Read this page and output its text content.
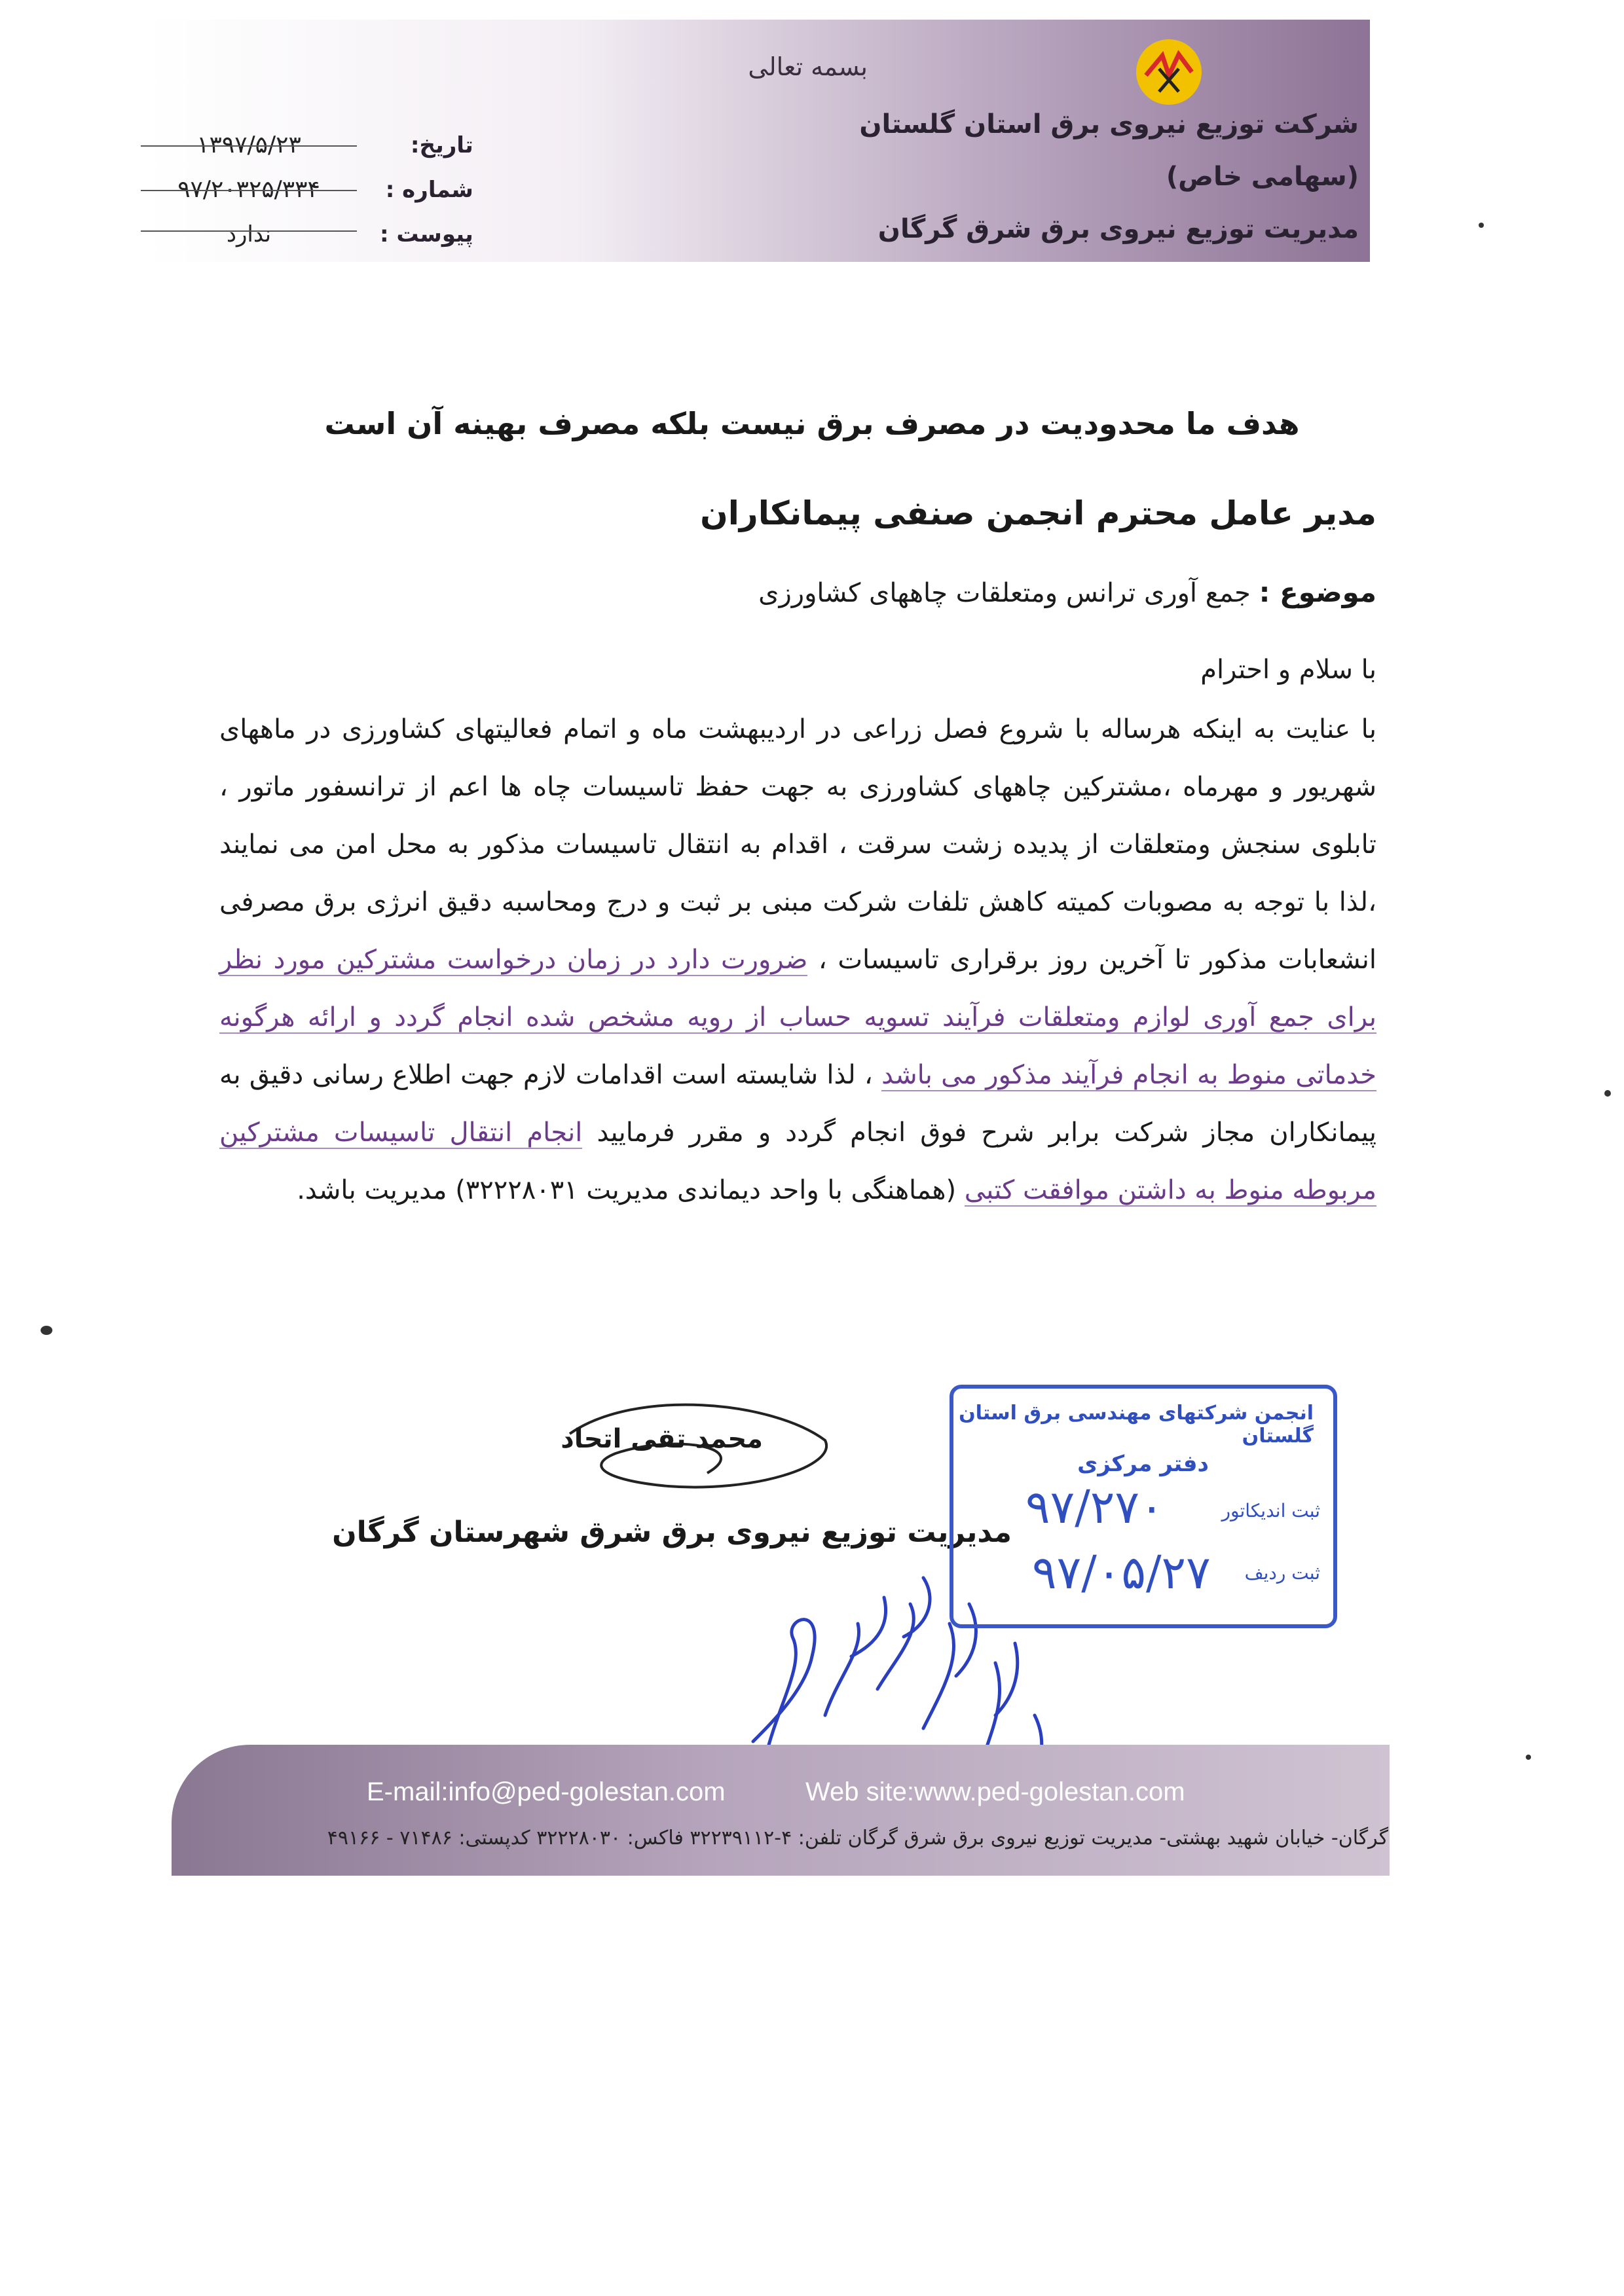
بسمه تعالی
شرکت توزیع نیروی برق استان گلستان
(سهامی خاص)
مدیریت توزیع نیروی برق شرق گرگان
تاریخ:
شماره :
پیوست :
۱۳۹۷/۵/۲۳
۹۷/۲۰۳۲۵/۳۳۴
ندارد
هدف ما محدودیت در مصرف برق نیست بلکه مصرف بهینه آن است
مدیر عامل محترم انجمن صنفی پیمانکاران
موضوع : جمع آوری ترانس ومتعلقات چاههای کشاورزی
با سلام و احترام
با عنایت به اینکه هرساله با شروع فصل زراعی در اردیبهشت ماه و اتمام فعالیتهای کشاورزی در ماههای شهریور و مهرماه ،مشترکین چاههای کشاورزی به جهت حفظ تاسیسات چاه ها اعم از ترانسفور ماتور ، تابلوی سنجش ومتعلقات از پدیده زشت سرقت ، اقدام به انتقال تاسیسات مذکور به محل امن می نمایند ،لذا با توجه به مصوبات کمیته کاهش تلفات شرکت مبنی بر ثبت و درج ومحاسبه دقیق انرژی برق مصرفی انشعابات مذکور تا آخرین روز برقراری تاسیسات ، ضرورت دارد در زمان درخواست مشترکین مورد نظر برای جمع آوری لوازم ومتعلقات فرآیند تسویه حساب از رویه مشخص شده انجام گردد و ارائه هرگونه خدماتی منوط به انجام فرآیند مذکور می باشد ، لذا شایسته است اقدامات لازم جهت اطلاع رسانی دقیق به پیمانکاران مجاز شرکت برابر شرح فوق انجام گردد و مقرر فرمایید انجام انتقال تاسیسات مشترکین مربوطه منوط به داشتن موافقت کتبی (هماهنگی با واحد دیماندی مدیریت ۳۲۲۲۸۰۳۱) مدیریت باشد.
محمد تقی اتحاد
مدیریت توزیع نیروی برق شرق شهرستان گرگان
انجمن شرکتهای مهندسی برق استان گلستان
دفتر مرکزی
ثبت اندیکاتور
۹۷/۲۷۰
ثبت ردیف
۹۷/۰۵/۲۷
E-mail:info@ped-golestan.com	Web site:www.ped-golestan.com
گرگان- خیابان شهید بهشتی- مدیریت توزیع نیروی برق شرق گرگان تلفن: ۴-۳۲۲۳۹۱۱۲ فاکس: ۳۲۲۲۸۰۳۰ کدپستی: ۷۱۴۸۶ - ۴۹۱۶۶
